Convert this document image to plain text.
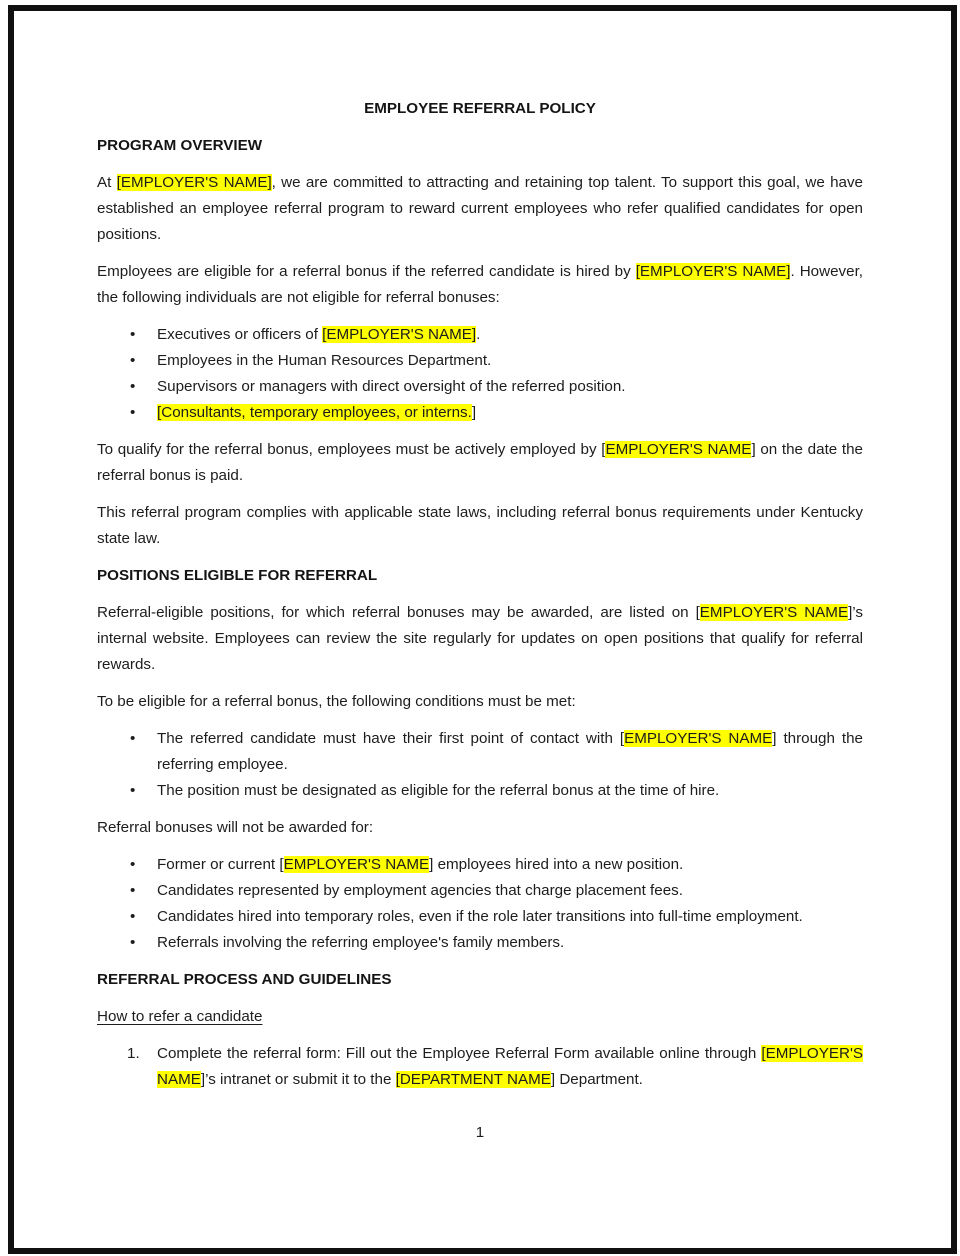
EMPLOYEE REFERRAL POLICY
PROGRAM OVERVIEW

At [EMPLOYER'S NAME], we are committed to attracting and retaining top talent. To support this goal, we have established an employee referral program to reward current employees who refer qualified candidates for open positions.

Employees are eligible for a referral bonus if the referred candidate is hired by [EMPLOYER'S NAME]. However, the following individuals are not eligible for referral bonuses:

• Executives or officers of [EMPLOYER'S NAME].
• Employees in the Human Resources Department.
• Supervisors or managers with direct oversight of the referred position.
• [Consultants, temporary employees, or interns.]

To qualify for the referral bonus, employees must be actively employed by [EMPLOYER'S NAME] on the date the referral bonus is paid.

This referral program complies with applicable state laws, including referral bonus requirements under Kentucky state law.

POSITIONS ELIGIBLE FOR REFERRAL

Referral-eligible positions, for which referral bonuses may be awarded, are listed on [EMPLOYER'S NAME]’s internal website. Employees can review the site regularly for updates on open positions that qualify for referral rewards.

To be eligible for a referral bonus, the following conditions must be met:

• The referred candidate must have their first point of contact with [EMPLOYER'S NAME] through the referring employee.
• The position must be designated as eligible for the referral bonus at the time of hire.

Referral bonuses will not be awarded for:

• Former or current [EMPLOYER'S NAME] employees hired into a new position.
• Candidates represented by employment agencies that charge placement fees.
• Candidates hired into temporary roles, even if the role later transitions into full-time employment.
• Referrals involving the referring employee's family members.
REFERRAL PROCESS AND GUIDELINES

How to refer a candidate

Complete the referral form: Fill out the Employee Referral Form available online through [EMPLOYER'S NAME]’s intranet or submit it to the [DEPARTMENT NAME] Department.
1
